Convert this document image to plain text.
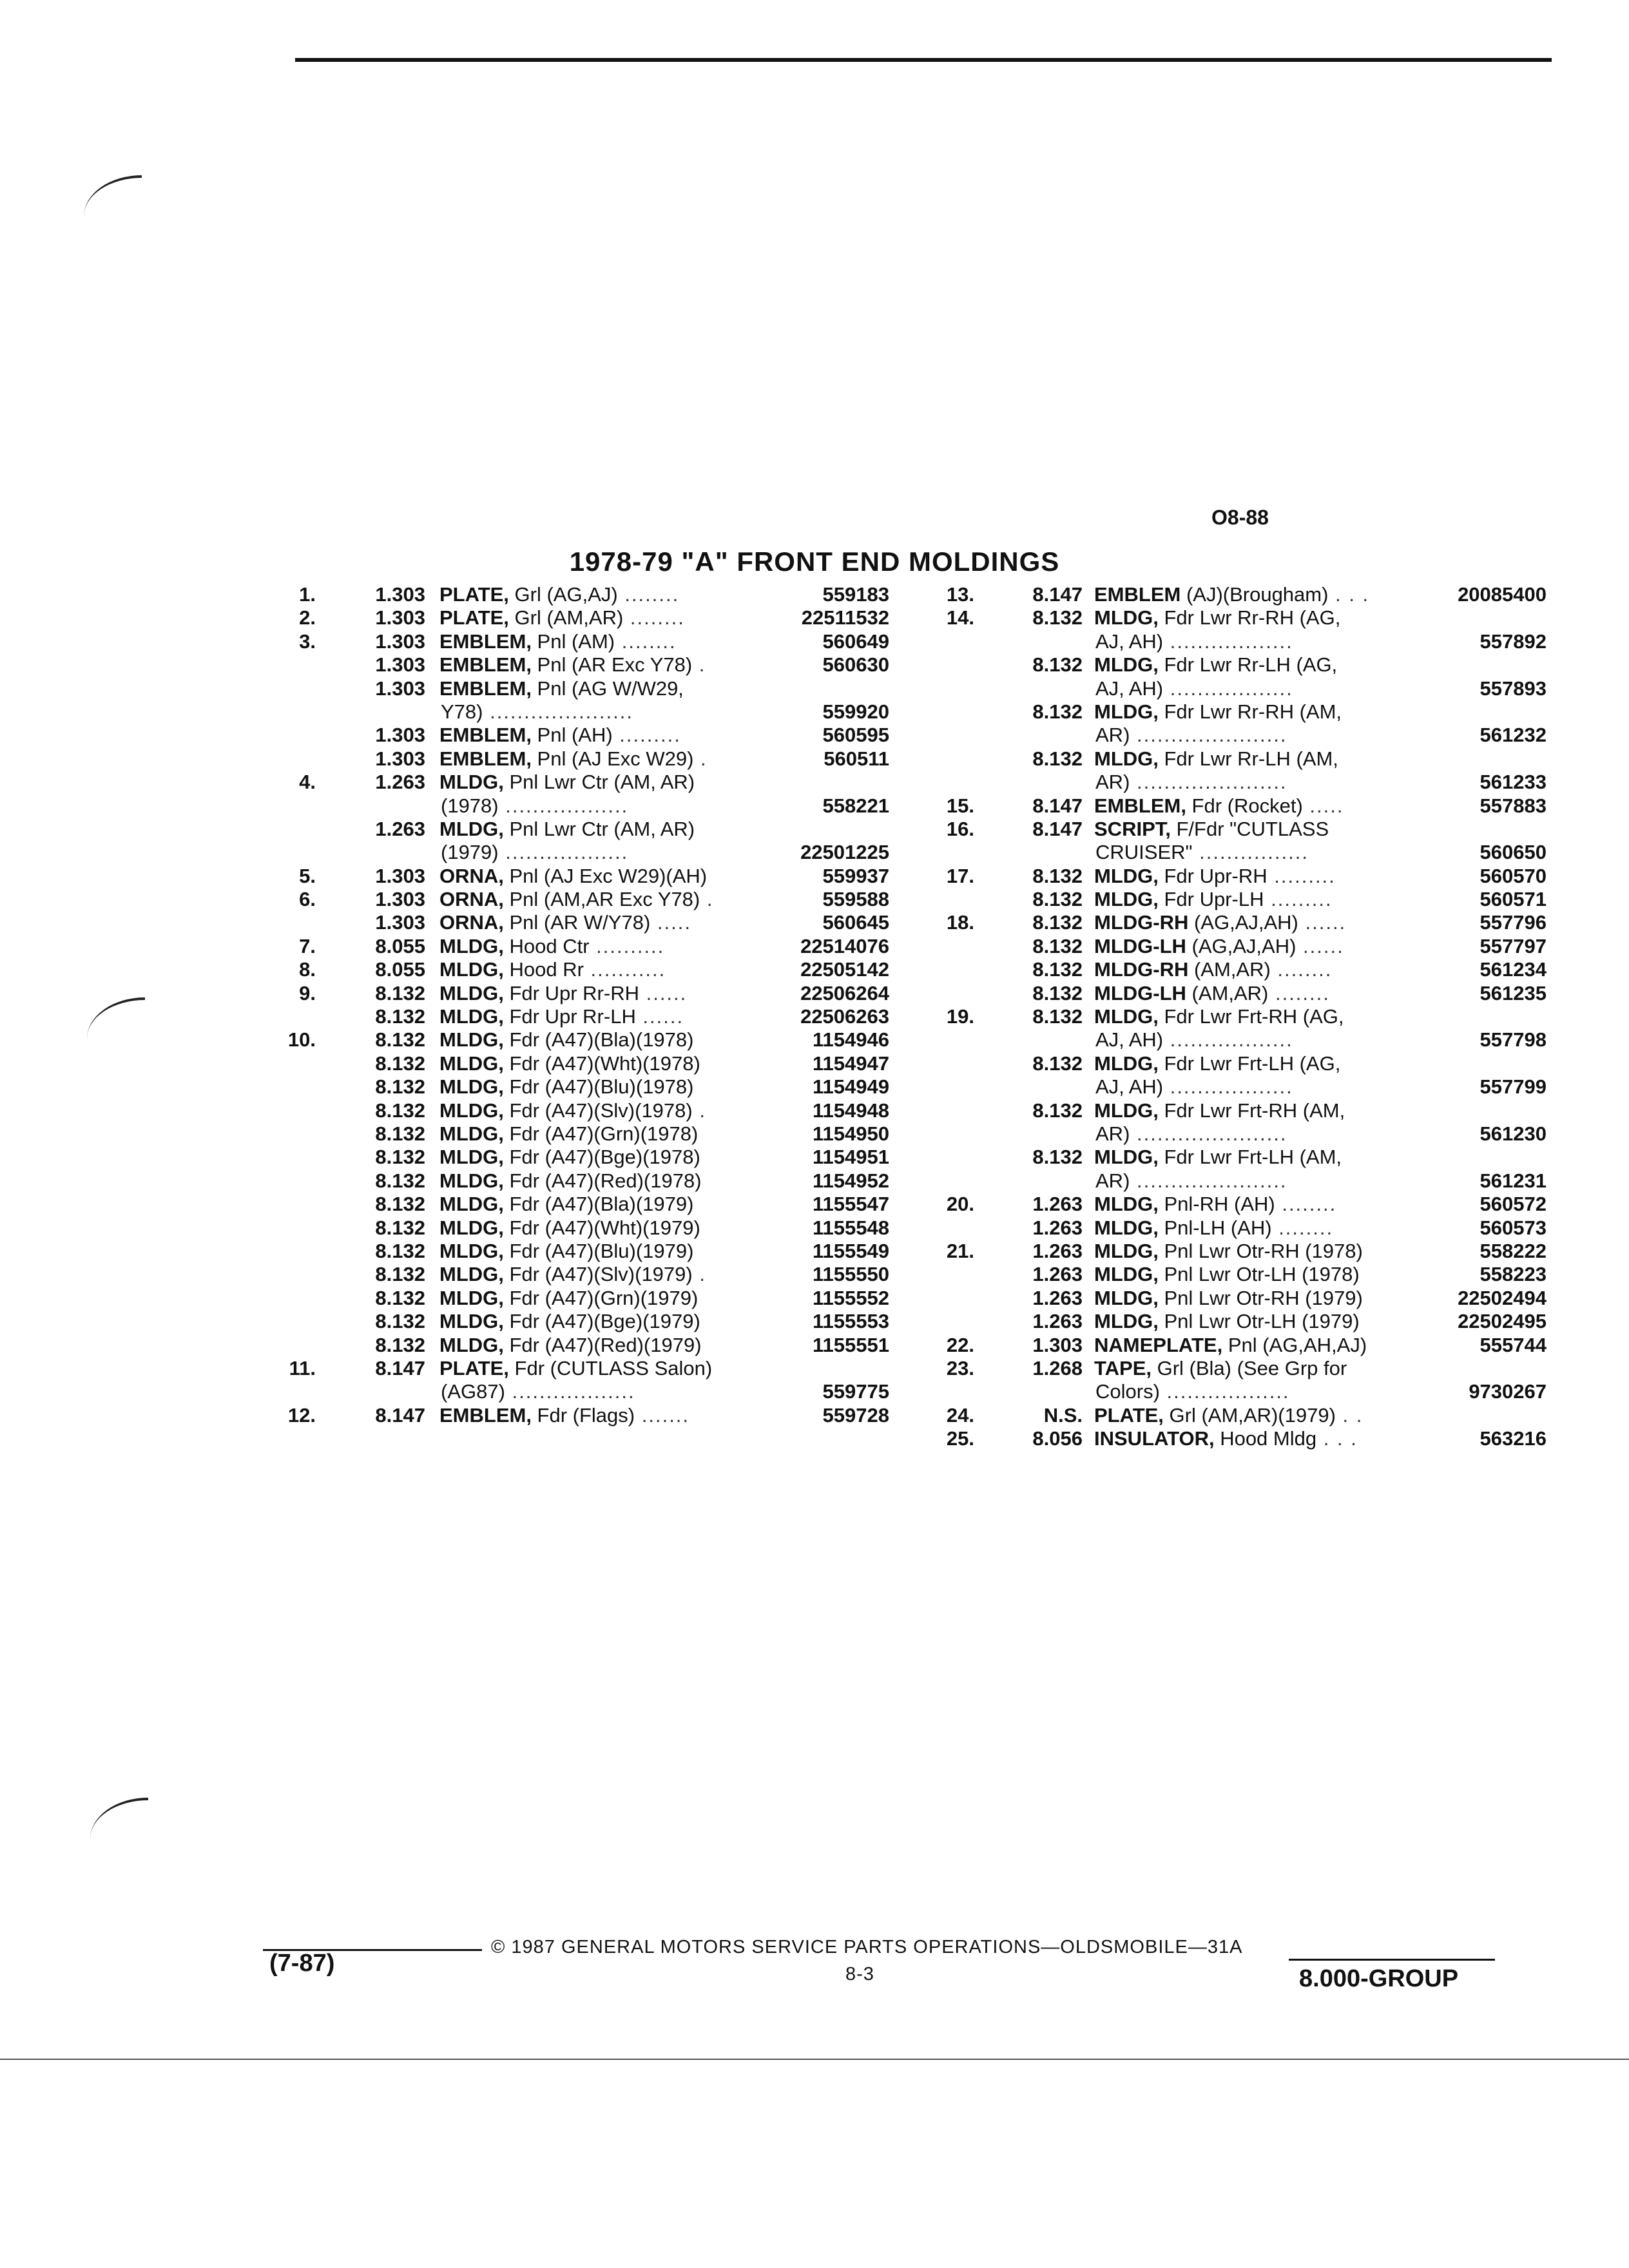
O8-88
1978-79 "A" FRONT END MOLDINGS
1.	1.303 PLATE, Grl (AG,AJ) ........	559183
2.	1.303 PLATE, Grl (AM,AR) ........	22511532
3.	1.303 EMBLEM, Pnl (AM) ........	560649
1.303 EMBLEM, Pnl (AR Exc Y78) .	560630
1.303 EMBLEM, Pnl (AG W/W29,
Y78) .....................	559920
1.303 EMBLEM, Pnl (AH) .........	560595
1.303 EMBLEM, Pnl (AJ Exc W29) .	560511
4.	1.263 MLDG, Pnl Lwr Ctr (AM, AR)
(1978) ..................	558221
1.263 MLDG, Pnl Lwr Ctr (AM, AR)
(1979) ..................	22501225
5.	1.303 ORNA, Pnl (AJ Exc W29)(AH)	559937
6.	1.303 ORNA, Pnl (AM,AR Exc Y78) .	559588
1.303 ORNA, Pnl (AR W/Y78) .....	560645
7.	8.055 MLDG, Hood Ctr ..........	22514076
8.	8.055 MLDG, Hood Rr ...........	22505142
9.	8.132 MLDG, Fdr Upr Rr-RH ......	22506264
8.132 MLDG, Fdr Upr Rr-LH ......	22506263
10.	8.132 MLDG, Fdr (A47)(Bla)(1978)	1154946
8.132 MLDG, Fdr (A47)(Wht)(1978)	1154947
8.132 MLDG, Fdr (A47)(Blu)(1978)	1154949
8.132 MLDG, Fdr (A47)(Slv)(1978) .	1154948
8.132 MLDG, Fdr (A47)(Grn)(1978)	1154950
8.132 MLDG, Fdr (A47)(Bge)(1978)	1154951
8.132 MLDG, Fdr (A47)(Red)(1978)	1154952
8.132 MLDG, Fdr (A47)(Bla)(1979)	1155547
8.132 MLDG, Fdr (A47)(Wht)(1979)	1155548
8.132 MLDG, Fdr (A47)(Blu)(1979)	1155549
8.132 MLDG, Fdr (A47)(Slv)(1979) .	1155550
8.132 MLDG, Fdr (A47)(Grn)(1979)	1155552
8.132 MLDG, Fdr (A47)(Bge)(1979)	1155553
8.132 MLDG, Fdr (A47)(Red)(1979)	1155551
11.	8.147 PLATE, Fdr (CUTLASS Salon)
(AG87) ..................	559775
12.	8.147 EMBLEM, Fdr (Flags) .......	559728
13.	8.147 EMBLEM (AJ)(Brougham) . . .	20085400
14.	8.132 MLDG, Fdr Lwr Rr-RH (AG,
AJ, AH) ..................	557892
8.132 MLDG, Fdr Lwr Rr-LH (AG,
AJ, AH) ..................	557893
8.132 MLDG, Fdr Lwr Rr-RH (AM,
AR) ......................	561232
8.132 MLDG, Fdr Lwr Rr-LH (AM,
AR) ......................	561233
15.	8.147 EMBLEM, Fdr (Rocket) .....	557883
16.	8.147 SCRIPT, F/Fdr "CUTLASS
CRUISER" ................	560650
17.	8.132 MLDG, Fdr Upr-RH .........	560570
8.132 MLDG, Fdr Upr-LH .........	560571
18.	8.132 MLDG-RH (AG,AJ,AH) ......	557796
8.132 MLDG-LH (AG,AJ,AH) ......	557797
8.132 MLDG-RH (AM,AR) ........	561234
8.132 MLDG-LH (AM,AR) ........	561235
19.	8.132 MLDG, Fdr Lwr Frt-RH (AG,
AJ, AH) ..................	557798
8.132 MLDG, Fdr Lwr Frt-LH (AG,
AJ, AH) ..................	557799
8.132 MLDG, Fdr Lwr Frt-RH (AM,
AR) ......................	561230
8.132 MLDG, Fdr Lwr Frt-LH (AM,
AR) ......................	561231
20.	1.263 MLDG, Pnl-RH (AH) ........	560572
1.263 MLDG, Pnl-LH (AH) ........	560573
21.	1.263 MLDG, Pnl Lwr Otr-RH (1978)	558222
1.263 MLDG, Pnl Lwr Otr-LH (1978)	558223
1.263 MLDG, Pnl Lwr Otr-RH (1979)	22502494
1.263 MLDG, Pnl Lwr Otr-LH (1979)	22502495
22.	1.303 NAMEPLATE, Pnl (AG,AH,AJ)	555744
23.	1.268 TAPE, Grl (Bla) (See Grp for
Colors) ..................	9730267
24.	N.S. PLATE, Grl (AM,AR)(1979) . .
25.	8.056 INSULATOR, Hood Mldg . . .	563216
© 1987 GENERAL MOTORS SERVICE PARTS OPERATIONS—OLDSMOBILE—31A
(7-87)	8-3	8.000-GROUP
